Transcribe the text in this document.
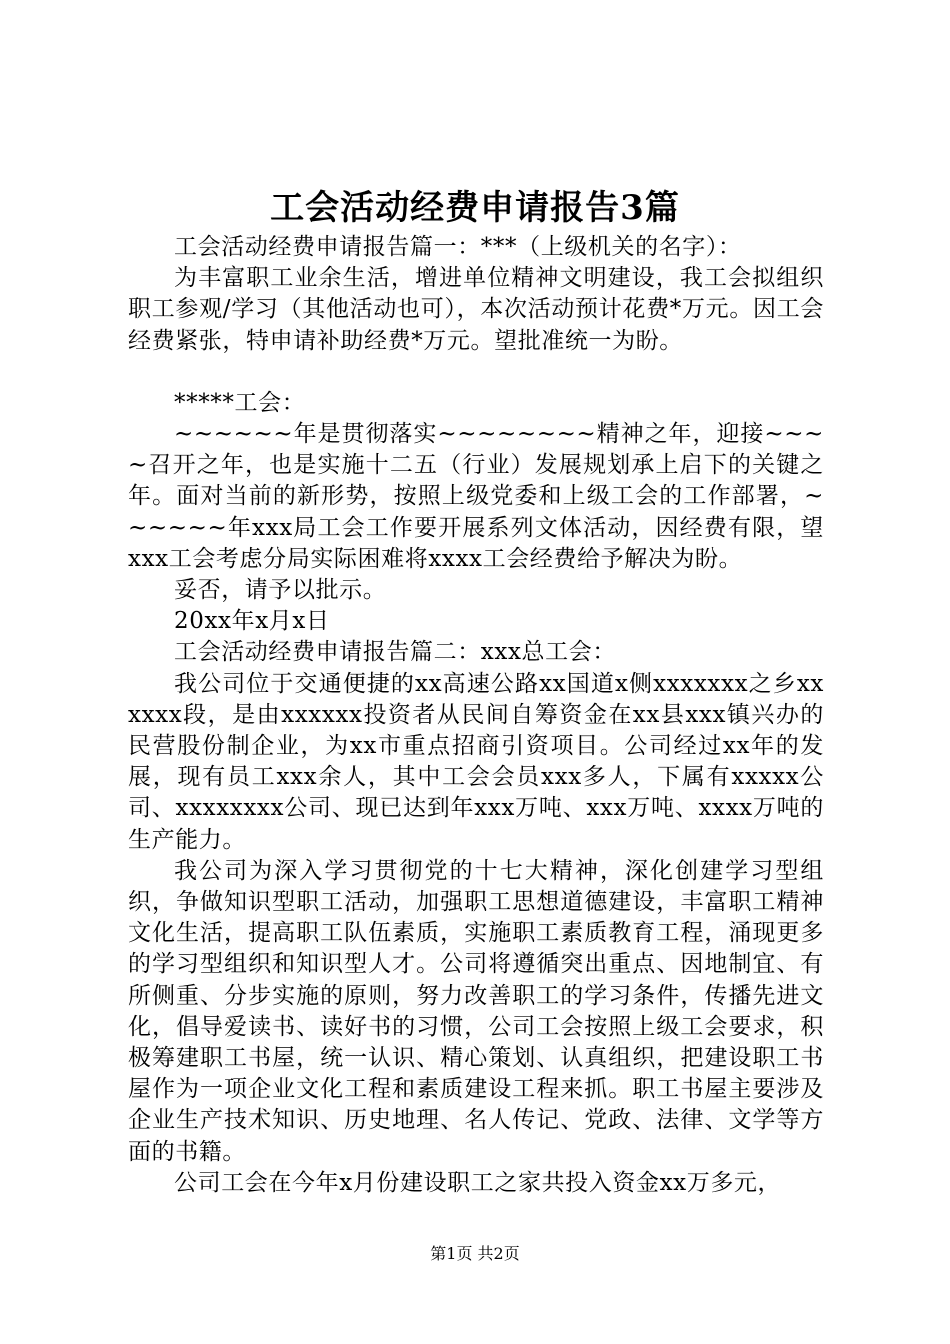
工会活动经费申请报告3篇

工会活动经费申请报告篇一：***（上级机关的名字）：

为丰富职工业余生活，增进单位精神文明建设，我工会拟组织职工参观/学习（其他活动也可），本次活动预计花费*万元。因工会经费紧张，特申请补助经费*万元。望批准统一为盼。

*****工会：

~~~~~~年是贯彻落实~~~~~~~~精神之年，迎接~~~~召开之年，也是实施十二五（行业）发展规划承上启下的关键之年。面对当前的新形势，按照上级党委和上级工会的工作部署，~~~~~~年xxx局工会工作要开展系列文体活动，因经费有限，望xxx工会考虑分局实际困难将xxxx工会经费给予解决为盼。

妥否，请予以批示。

20xx年x月x日

工会活动经费申请报告篇二：xxx总工会：

我公司位于交通便捷的xx高速公路xx国道x侧xxxxxxx之乡xxxxxx段，是由xxxxxx投资者从民间自筹资金在xx县xxx镇兴办的民营股份制企业，为xx市重点招商引资项目。公司经过xx年的发展，现有员工xxx余人，其中工会会员xxx多人，下属有xxxxx公司、xxxxxxxx公司、现已达到年xxx万吨、xxx万吨、xxxx万吨的生产能力。

我公司为深入学习贯彻党的十七大精神，深化创建学习型组织，争做知识型职工活动，加强职工思想道德建设，丰富职工精神文化生活，提高职工队伍素质，实施职工素质教育工程，涌现更多的学习型组织和知识型人才。公司将遵循突出重点、因地制宜、有所侧重、分步实施的原则，努力改善职工的学习条件，传播先进文化，倡导爱读书、读好书的习惯，公司工会按照上级工会要求，积极筹建职工书屋，统一认识、精心策划、认真组织，把建设职工书屋作为一项企业文化工程和素质建设工程来抓。职工书屋主要涉及企业生产技术知识、历史地理、名人传记、党政、法律、文学等方面的书籍。

公司工会在今年x月份建设职工之家共投入资金xx万多元，

第1页 共2页
